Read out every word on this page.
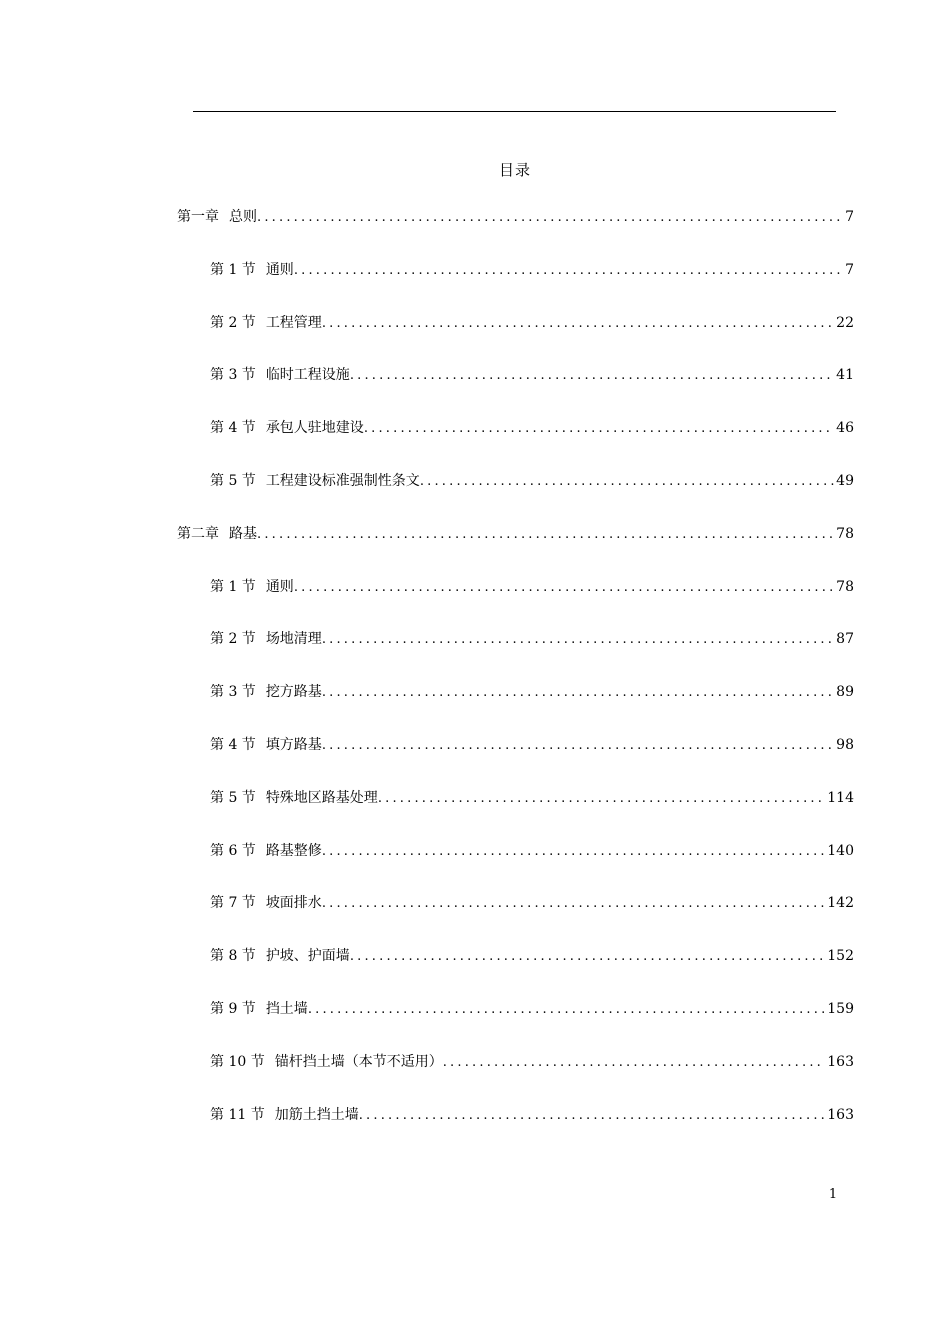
目录
第一章 总则 .....	7
第 1 节 通则 .....	7
第 2 节 工程管理 .....	22
第 3 节 临时工程设施 .....	41
第 4 节 承包人驻地建设 .....	46
第 5 节 工程建设标准强制性条文 .....	49
第二章 路基 .....	78
第 1 节 通则 .....	78
第 2 节 场地清理 .....	87
第 3 节 挖方路基 .....	89
第 4 节 填方路基 .....	98
第 5 节 特殊地区路基处理 .....	114
第 6 节 路基整修 .....	140
第 7 节 坡面排水 .....	142
第 8 节 护坡、护面墙 .....	152
第 9 节 挡土墙 .....	159
第 10 节 锚杆挡土墙（本节不适用） .....	163
第 11 节 加筋土挡土墙 .....	163
1
